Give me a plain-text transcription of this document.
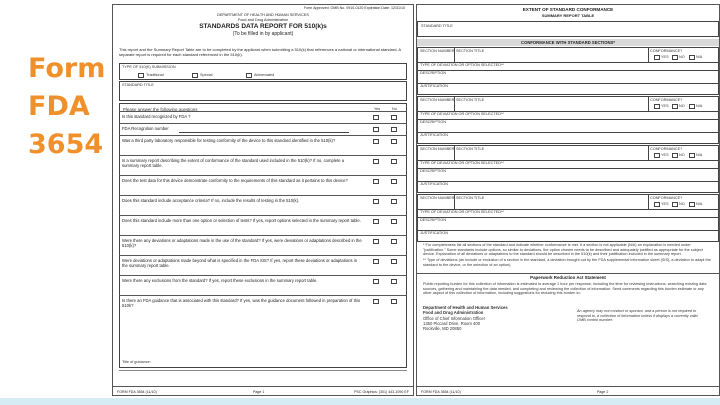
Form
FDA
3654
Form Approved: OMB No. 0910-0120 Expiration Date: 12/31/10
DEPARTMENT OF HEALTH AND HUMAN SERVICES
Food and Drug Administration
STANDARDS DATA REPORT FOR 510(k)s
(To be filled in by applicant)
This report and the Summary Report Table are to be completed by the applicant when submitting a 510(k) that references a national or international standard. A separate report is required for each standard referenced in the 510(k).
TYPE OF 510(K) SUBMISSION
Traditional	Special	Abbreviated
STANDARD TITLE
Please answer the following questions	Yes	No
Is this standard recognized by FDA ?
FDA Recognition number
Was a third party laboratory responsible for testing conformity of the device to this standard identified in the 510(k)?
Is a summary report describing the extent of conformance of the standard used included in the 510(k)? If no, complete a summary report table.
Does the test data for this device demonstrate conformity to the requirements of this standard as it pertains to this device?
Does this standard include acceptance criteria? If no, include the results of testing in the 510(k).
Does this standard include more than one option or selection of tests? If yes, report options selected in the summary report table.
Were there any deviations or adaptations made in the use of the standard? If yes, were deviations or adaptations described in the 510(k)?
Were deviations or adaptations made beyond what is specified in the FDA SIS? If yes, report these deviations or adaptations in the summary report table.
Were there any exclusions from the standard? If yes, report these exclusions in the summary report table.
Is there an FDA guidance that is associated with this standard? If yes, was the guidance document followed in preparation of this 510k?
Title of guidance:
FORM FDA 3654 (11/10)	Page 1	PSC Graphics: (301) 443-1090 EF
EXTENT OF STANDARD CONFORMANCE
SUMMARY REPORT TABLE
STANDARD TITLE
CONFORMANCE WITH STANDARD SECTIONS*
SECTION NUMBER SECTION TITLE	CONFORMANCE?
YES	NO	N/A
TYPE OF DEVIATION OR OPTION SELECTED**
DESCRIPTION
JUSTIFICATION
SECTION NUMBER SECTION TITLE	CONFORMANCE?
YES	NO	N/A
TYPE OF DEVIATION OR OPTION SELECTED**
DESCRIPTION
JUSTIFICATION
SECTION NUMBER SECTION TITLE	CONFORMANCE?
YES	NO	N/A
TYPE OF DEVIATION OR OPTION SELECTED**
DESCRIPTION
JUSTIFICATION
SECTION NUMBER SECTION TITLE	CONFORMANCE?
YES	NO	N/A
TYPE OF DEVIATION OR OPTION SELECTED**
DESCRIPTION
JUSTIFICATION
* For completeness list all sections of the standard and indicate whether conformance is met. If a section is not applicable (N/A) an explanation is needed under "justification." Some standards include options, so similar to deviations, the option chosen needs to be described and adequately justified as appropriate for the subject device. Explanation of all deviations or adaptations to the standard should be described in the 510(k) and their justification included in the summary report.
** Type of deviations (an include or exclusion of a section in the standard, a deviation brought out by the FDA supplemental information sheet (SIS), a deviation to adapt the standard to the device, or the selection of an option).
Paperwork Reduction Act Statement
Public reporting burden for this collection of information is estimated to average 1 hour per response, including the time for reviewing instructions, searching existing data sources, gathering and maintaining the data needed, and completing and reviewing the collection of information. Send comments regarding this burden estimate or any other aspect of this collection of information, including suggestions for reducing this burden to:
Department of Health and Human Services
Food and Drug Administration
Office of Chief Information Officer
1350 Piccard Drive, Room 400
Rockville, MD 20850
An agency may not conduct or sponsor, and a person is not required to respond to, a collection of information unless it displays a currently valid OMB control number.
FORM FDA 3654 (11/10)	Page 2
